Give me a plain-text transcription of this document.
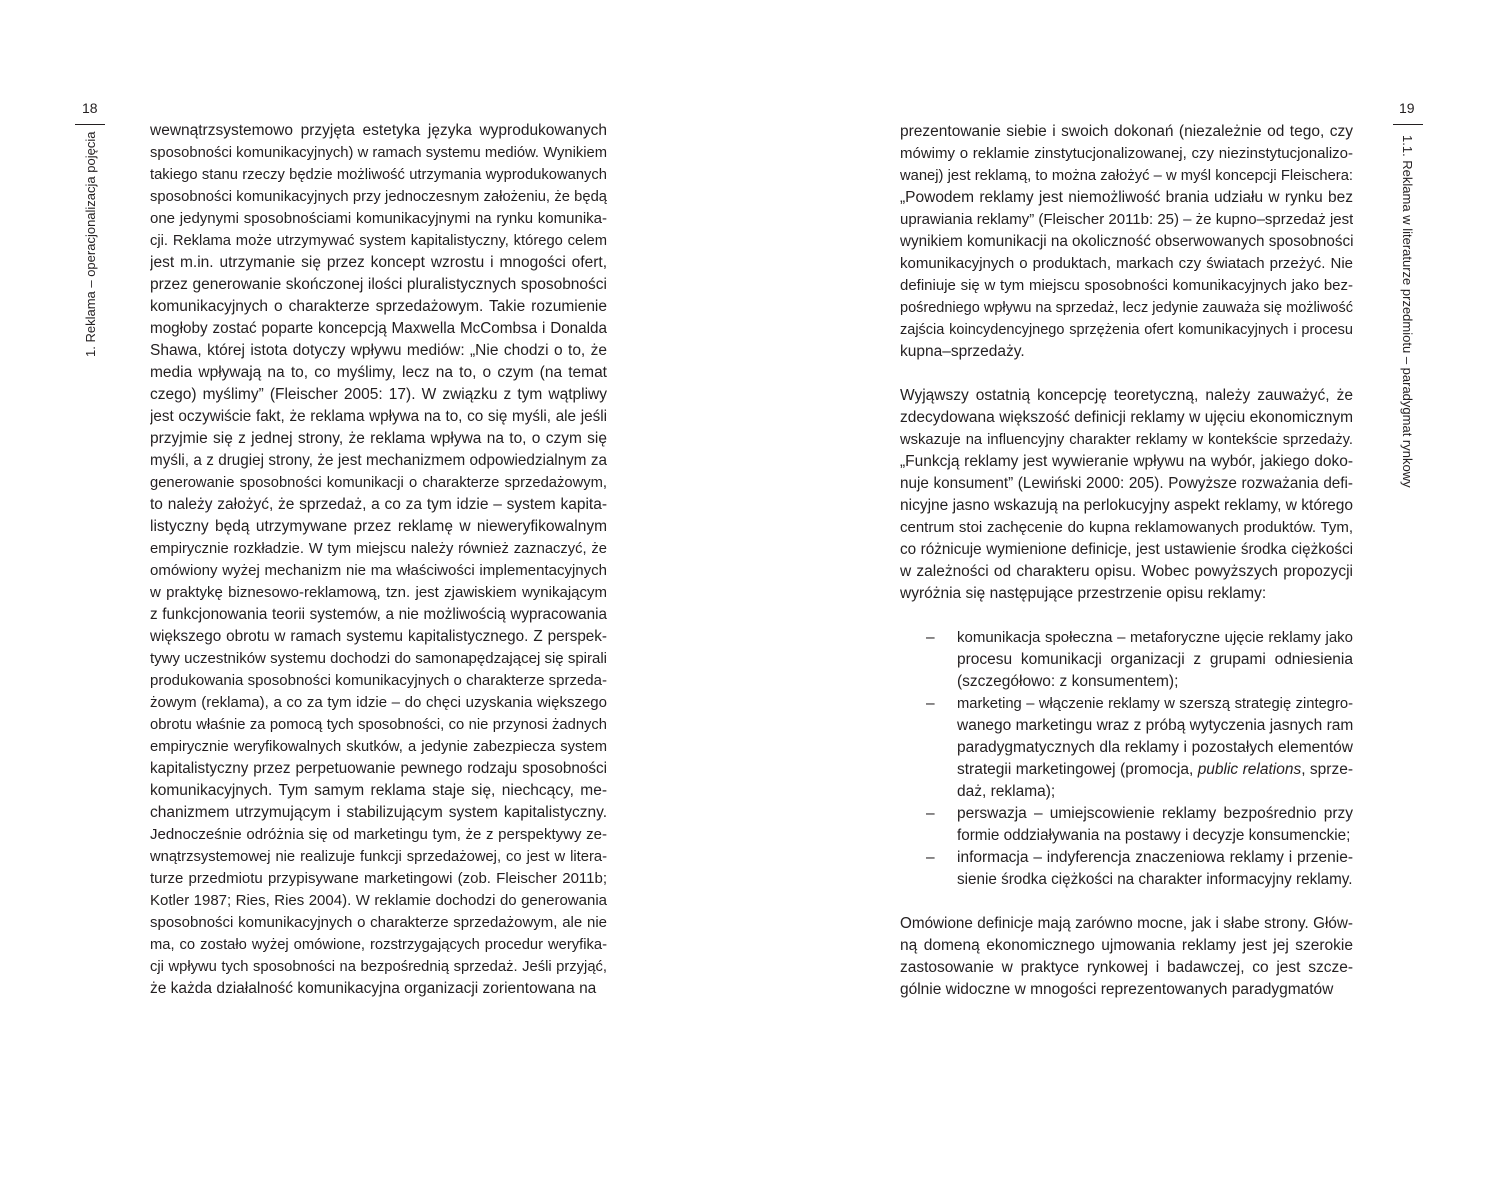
18
1. Reklama – operacjonalizacja pojęcia
wewnątrzsystemowo przyjęta estetyka języka wyprodukowanych
sposobności komunikacyjnych) w ramach systemu mediów. Wynikiem
takiego stanu rzeczy będzie możliwość utrzymania wyprodukowanych
sposobności komunikacyjnych przy jednoczesnym założeniu, że będą
one jedynymi sposobnościami komunikacyjnymi na rynku komunika-
cji. Reklama może utrzymywać system kapitalistyczny, którego celem
jest m.in. utrzymanie się przez koncept wzrostu i mnogości ofert,
przez generowanie skończonej ilości pluralistycznych sposobności
komunikacyjnych o charakterze sprzedażowym. Takie rozumienie
mogłoby zostać poparte koncepcją Maxwella McCombsa i Donalda
Shawa, której istota dotyczy wpływu mediów: „Nie chodzi o to, że
media wpływają na to, co myślimy, lecz na to, o czym (na temat
czego) myślimy” (Fleischer 2005: 17). W związku z tym wątpliwy
jest oczywiście fakt, że reklama wpływa na to, co się myśli, ale jeśli
przyjmie się z jednej strony, że reklama wpływa na to, o czym się
myśli, a z drugiej strony, że jest mechanizmem odpowiedzialnym za
generowanie sposobności komunikacji o charakterze sprzedażowym,
to należy założyć, że sprzedaż, a co za tym idzie – system kapita-
listyczny będą utrzymywane przez reklamę w nieweryfikowalnym
empirycznie rozkładzie. W tym miejscu należy również zaznaczyć, że
omówiony wyżej mechanizm nie ma właściwości implementacyjnych
w praktykę biznesowo-reklamową, tzn. jest zjawiskiem wynikającym
z funkcjonowania teorii systemów, a nie możliwością wypracowania
większego obrotu w ramach systemu kapitalistycznego. Z perspek-
tywy uczestników systemu dochodzi do samonapędzającej się spirali
produkowania sposobności komunikacyjnych o charakterze sprzeda-
żowym (reklama), a co za tym idzie – do chęci uzyskania większego
obrotu właśnie za pomocą tych sposobności, co nie przynosi żadnych
empirycznie weryfikowalnych skutków, a jedynie zabezpiecza system
kapitalistyczny przez perpetuowanie pewnego rodzaju sposobności
komunikacyjnych. Tym samym reklama staje się, niechcący, me-
chanizmem utrzymującym i stabilizującym system kapitalistyczny.
Jednocześnie odróżnia się od marketingu tym, że z perspektywy ze-
wnątrzsystemowej nie realizuje funkcji sprzedażowej, co jest w litera-
turze przedmiotu przypisywane marketingowi (zob. Fleischer 2011b;
Kotler 1987; Ries, Ries 2004). W reklamie dochodzi do generowania
sposobności komunikacyjnych o charakterze sprzedażowym, ale nie
ma, co zostało wyżej omówione, rozstrzygających procedur weryfika-
cji wpływu tych sposobności na bezpośrednią sprzedaż. Jeśli przyjąć,
że każda działalność komunikacyjna organizacji zorientowana na
19
1.1. Reklama w literaturze przedmiotu – paradygmat rynkowy
prezentowanie siebie i swoich dokonań (niezależnie od tego, czy
mówimy o reklamie zinstytucjonalizowanej, czy niezinstytucjonalizo-
wanej) jest reklamą, to można założyć – w myśl koncepcji Fleischera:
„Powodem reklamy jest niemożliwość brania udziału w rynku bez
uprawiania reklamy” (Fleischer 2011b: 25) – że kupno–sprzedaż jest
wynikiem komunikacji na okoliczność obserwowanych sposobności
komunikacyjnych o produktach, markach czy światach przeżyć. Nie
definiuje się w tym miejscu sposobności komunikacyjnych jako bez-
pośredniego wpływu na sprzedaż, lecz jedynie zauważa się możliwość
zajścia koincydencyjnego sprzężenia ofert komunikacyjnych i procesu
kupna–sprzedaży.
Wyjąwszy ostatnią koncepcję teoretyczną, należy zauważyć, że
zdecydowana większość definicji reklamy w ujęciu ekonomicznym
wskazuje na influencyjny charakter reklamy w kontekście sprzedaży.
„Funkcją reklamy jest wywieranie wpływu na wybór, jakiego doko-
nuje konsument” (Lewiński 2000: 205). Powyższe rozważania defi-
nicyjne jasno wskazują na perlokucyjny aspekt reklamy, w którego
centrum stoi zachęcenie do kupna reklamowanych produktów. Tym,
co różnicuje wymienione definicje, jest ustawienie środka ciężkości
w zależności od charakteru opisu. Wobec powyższych propozycji
wyróżnia się następujące przestrzenie opisu reklamy:
– komunikacja społeczna – metaforyczne ujęcie reklamy jako
procesu komunikacji organizacji z grupami odniesienia
(szczegółowo: z konsumentem);
– marketing – włączenie reklamy w szerszą strategię zintegro-
wanego marketingu wraz z próbą wytyczenia jasnych ram
paradygmatycznych dla reklamy i pozostałych elementów
strategii marketingowej (promocja, public relations, sprze-
daż, reklama);
– perswazja – umiejscowienie reklamy bezpośrednio przy
formie oddziaływania na postawy i decyzje konsumenckie;
– informacja – indyferencja znaczeniowa reklamy i przenie-
sienie środka ciężkości na charakter informacyjny reklamy.
Omówione definicje mają zarówno mocne, jak i słabe strony. Głów-
ną domeną ekonomicznego ujmowania reklamy jest jej szerokie
zastosowanie w praktyce rynkowej i badawczej, co jest szcze-
gólnie widoczne w mnogości reprezentowanych paradygmatów
